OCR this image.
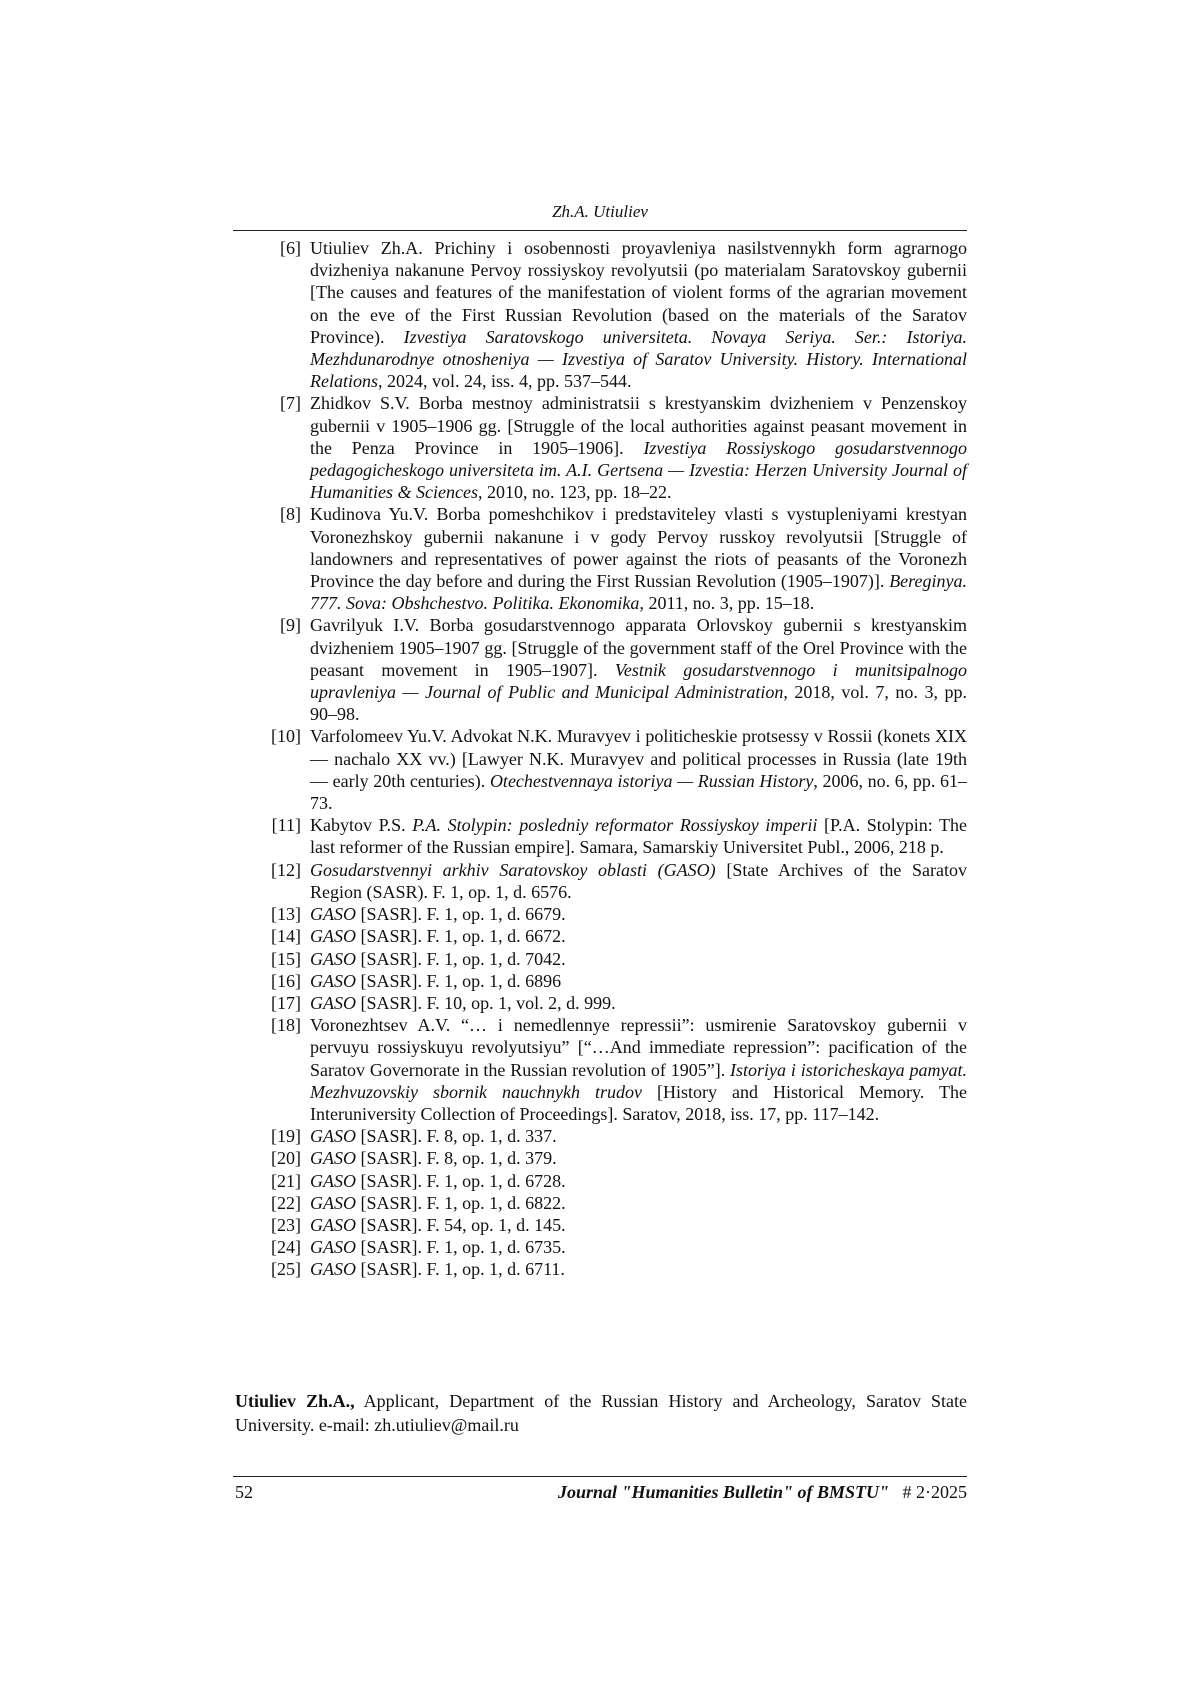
Zh.A. Utiuliev
[6] Utiuliev Zh.A. Prichiny i osobennosti proyavleniya nasilstvennykh form agrarnogo dvizheniya nakanune Pervoy rossiyskoy revolyutsii (po materialam Saratovskoy gubernii [The causes and features of the manifestation of violent forms of the agrarian movement on the eve of the First Russian Revolution (based on the materials of the Saratov Province). Izvestiya Saratovskogo universiteta. Novaya Seriya. Ser.: Istoriya. Mezhdunarodnye otnosheniya — Izvestiya of Saratov University. History. International Relations, 2024, vol. 24, iss. 4, pp. 537–544.
[7] Zhidkov S.V. Borba mestnoy administratsii s krestyanskim dvizheniem v Penzenskoy gubernii v 1905–1906 gg. [Struggle of the local authorities against peasant movement in the Penza Province in 1905–1906]. Izvestiya Rossiyskogo gosudarstvennogo pedagogicheskogo universiteta im. A.I. Gertsena — Izvestia: Herzen University Journal of Humanities & Sciences, 2010, no. 123, pp. 18–22.
[8] Kudinova Yu.V. Borba pomeshchikov i predstaviteley vlasti s vystupleniyami krestyan Voronezhskoy gubernii nakanune i v gody Pervoy russkoy revolyutsii [Struggle of landowners and representatives of power against the riots of peasants of the Voronezh Province the day before and during the First Russian Revolution (1905–1907)]. Bereginya. 777. Sova: Obshchestvo. Politika. Ekonomika, 2011, no. 3, pp. 15–18.
[9] Gavrilyuk I.V. Borba gosudarstvennogo apparata Orlovskoy gubernii s krestyanskim dvizheniem 1905–1907 gg. [Struggle of the government staff of the Orel Province with the peasant movement in 1905–1907]. Vestnik gosudarstvennogo i munitsipalnogo upravleniya — Journal of Public and Municipal Administration, 2018, vol. 7, no. 3, pp. 90–98.
[10] Varfolomeev Yu.V. Advokat N.K. Muravyev i politicheskie protsessy v Rossii (konets XIX — nachalo XX vv.) [Lawyer N.K. Muravyev and political processes in Russia (late 19th — early 20th centuries). Otechestvennaya istoriya — Russian History, 2006, no. 6, pp. 61–73.
[11] Kabytov P.S. P.A. Stolypin: posledniy reformator Rossiyskoy imperii [P.A. Stolypin: The last reformer of the Russian empire]. Samara, Samarskiy Universitet Publ., 2006, 218 p.
[12] Gosudarstvennyi arkhiv Saratovskoy oblasti (GASO) [State Archives of the Saratov Region (SASR). F. 1, op. 1, d. 6576.
[13] GASO [SASR]. F. 1, op. 1, d. 6679.
[14] GASO [SASR]. F. 1, op. 1, d. 6672.
[15] GASO [SASR]. F. 1, op. 1, d. 7042.
[16] GASO [SASR]. F. 1, op. 1, d. 6896
[17] GASO [SASR]. F. 10, op. 1, vol. 2, d. 999.
[18] Voronezhtsev A.V. “… i nemedlennye repressii”: usmirenie Saratovskoy gubernii v pervuyu rossiyskuyu revolyutsiyu” [“…And immediate repression”: pacification of the Saratov Governorate in the Russian revolution of 1905”]. Istoriya i istoricheskaya pamyat. Mezhvuzovskiy sbornik nauchnykh trudov [History and Historical Memory. The Interuniversity Collection of Proceedings]. Saratov, 2018, iss. 17, pp. 117–142.
[19] GASO [SASR]. F. 8, op. 1, d. 337.
[20] GASO [SASR]. F. 8, op. 1, d. 379.
[21] GASO [SASR]. F. 1, op. 1, d. 6728.
[22] GASO [SASR]. F. 1, op. 1, d. 6822.
[23] GASO [SASR]. F. 54, op. 1, d. 145.
[24] GASO [SASR]. F. 1, op. 1, d. 6735.
[25] GASO [SASR]. F. 1, op. 1, d. 6711.
Utiuliev Zh.A., Applicant, Department of the Russian History and Archeology, Saratov State University. e-mail: zh.utiuliev@mail.ru
52	Journal "Humanities Bulletin" of BMSTU" # 2·2025
